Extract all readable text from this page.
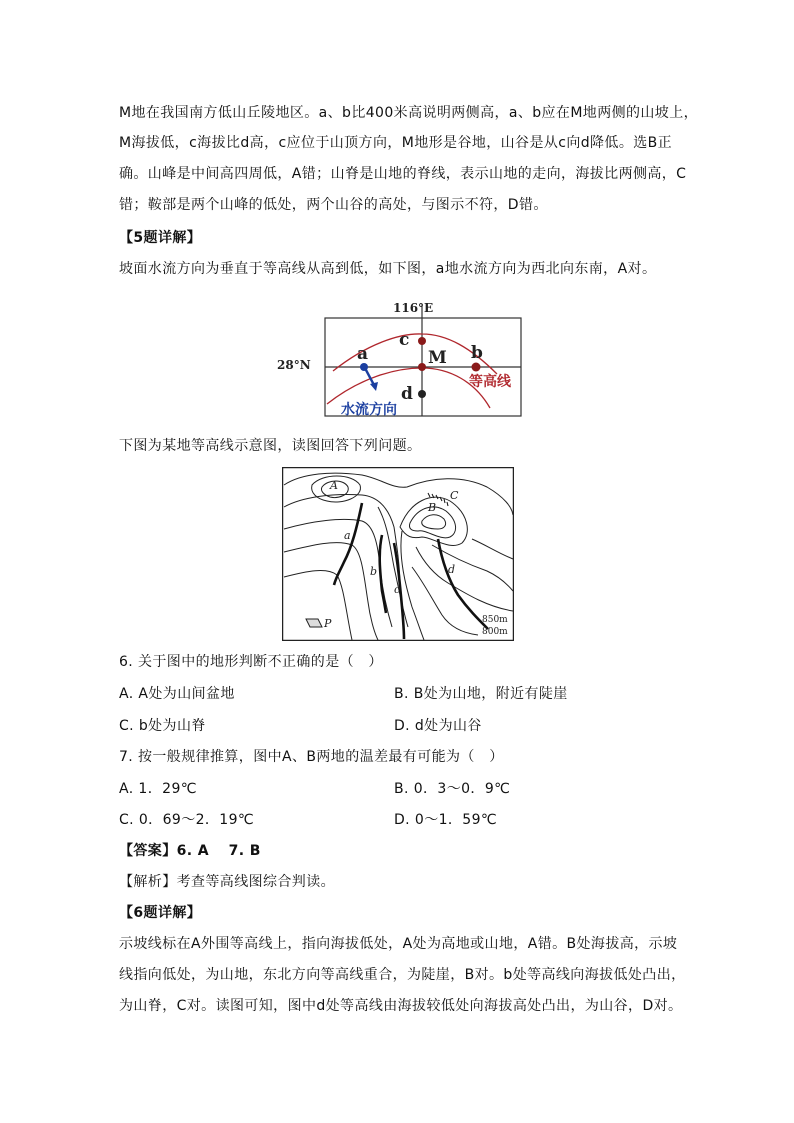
M地在我国南方低山丘陵地区。a、b比400米高说明两侧高，a、b应在M地两侧的山坡上，
M海拔低，c海拔比d高，c应位于山顶方向，M地形是谷地，山谷是从c向d降低。选B正
确。山峰是中间高四周低，A错；山脊是山地的脊线，表示山地的走向，海拔比两侧高，C
错；鞍部是两个山峰的低处，两个山谷的高处，与图示不符，D错。
【5题详解】
坡面水流方向为垂直于等高线从高到低，如下图，a地水流方向为西北向东南，A对。
116°E
28°N
a
c
M b
d
等高线
水流方向
下图为某地等高线示意图，读图回答下列问题。
A
B
C
a
b
c
d
P	850m
800m
6. 关于图中的地形判断不正确的是（　）
A. A处为山间盆地	B. B处为山地，附近有陡崖
C. b处为山脊	D. d处为山谷
7. 按一般规律推算，图中A、B两地的温差最有可能为（　）
A. 1．29℃	B. 0．3～0．9℃
C. 0．69～2．19℃	D. 0～1．59℃
【答案】6. A　 7. B
【解析】考查等高线图综合判读。
【6题详解】
示坡线标在A外围等高线上，指向海拔低处，A处为高地或山地，A错。B处海拔高，示坡
线指向低处，为山地，东北方向等高线重合，为陡崖，B对。b处等高线向海拔低处凸出，
为山脊，C对。读图可知，图中d处等高线由海拔较低处向海拔高处凸出，为山谷，D对。
